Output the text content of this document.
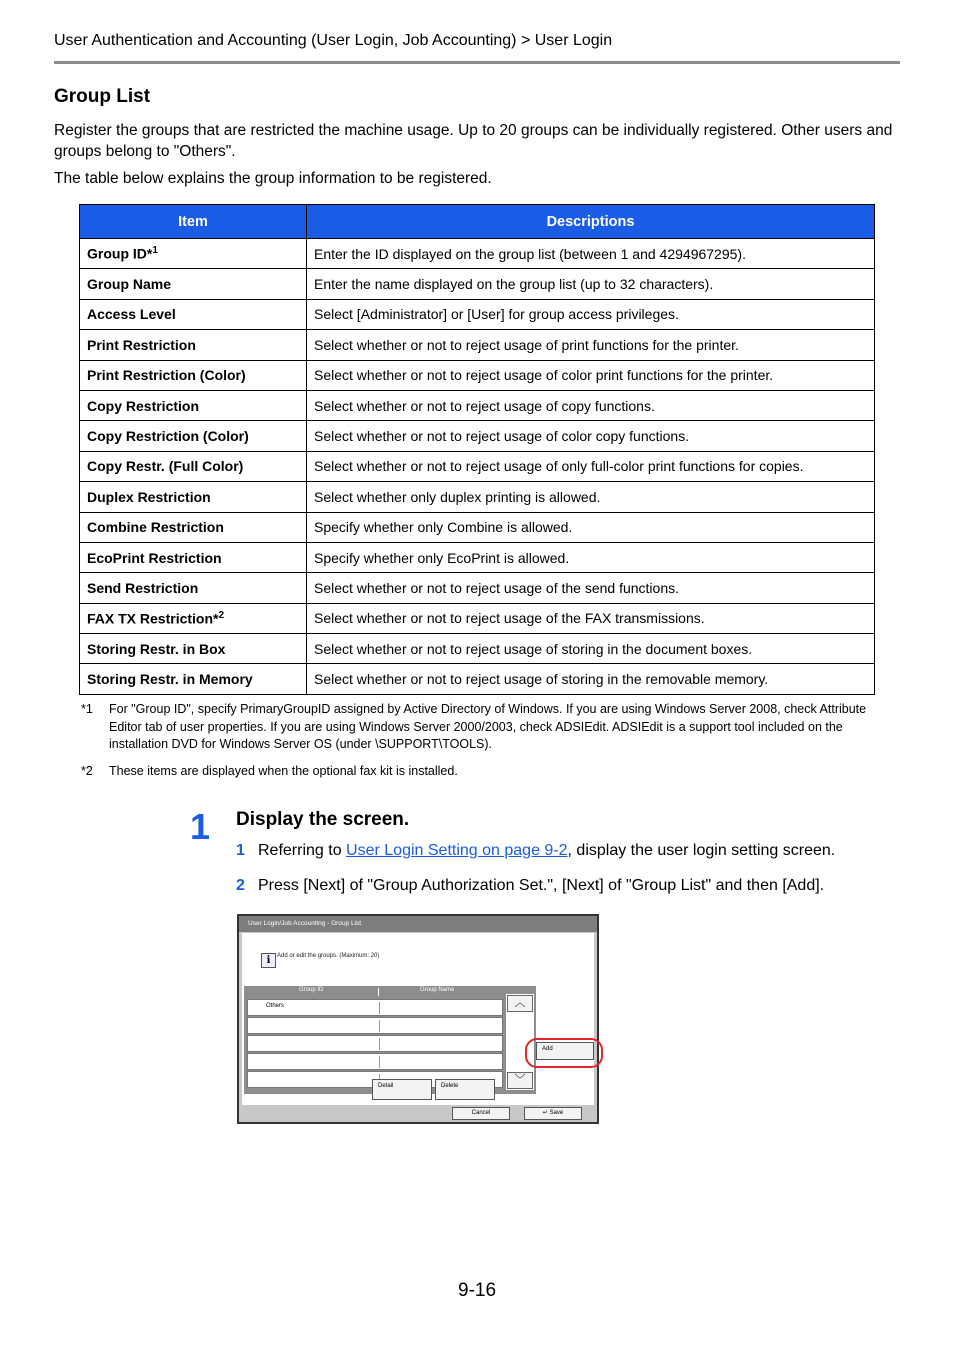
User Authentication and Accounting (User Login, Job Accounting) > User Login
Group List
Register the groups that are restricted the machine usage. Up to 20 groups can be individually registered. Other users and groups belong to "Others".
The table below explains the group information to be registered.
Item	Descriptions
Group ID*$^1$	Enter the ID displayed on the group list (between 1 and 4294967295).
Group Name	Enter the name displayed on the group list (up to 32 characters).
Access Level	Select [Administrator] or [User] for group access privileges.
Print Restriction	Select whether or not to reject usage of print functions for the printer.
Print Restriction (Color)	Select whether or not to reject usage of color print functions for the printer.
Copy Restriction	Select whether or not to reject usage of copy functions.
Copy Restriction (Color)	Select whether or not to reject usage of color copy functions.
Copy Restr. (Full Color)	Select whether or not to reject usage of only full-color print functions for copies.
Duplex Restriction	Select whether only duplex printing is allowed.
Combine Restriction	Specify whether only Combine is allowed.
EcoPrint Restriction	Specify whether only EcoPrint is allowed.
Send Restriction	Select whether or not to reject usage of the send functions.
FAX TX Restriction*$^2$	Select whether or not to reject usage of the FAX transmissions.
Storing Restr. in Box	Select whether or not to reject usage of storing in the document boxes.
Storing Restr. in Memory	Select whether or not to reject usage of storing in the removable memory.
*1 For "Group ID", specify PrimaryGroupID assigned by Active Directory of Windows. If you are using Windows Server 2008, check Attribute Editor tab of user properties. If you are using Windows Server 2000/2003, check ADSIEdit. ADSIEdit is a support tool included on the installation DVD for Windows Server OS (under \SUPPORT\TOOLS).
*2 These items are displayed when the optional fax kit is installed.
1 Display the screen.
1 Referring to User Login Setting on page 9-2, display the user login setting screen.
2 Press [Next] of "Group Authorization Set.", [Next] of "Group List" and then [Add].
User Login/Job Accounting - Group List
i	Add or edit the groups. (Maximum: 20)
Group ID	Group Name
Others	︿
﹀
Add
Detail	Delete
Cancel	↵ Save
9-16
